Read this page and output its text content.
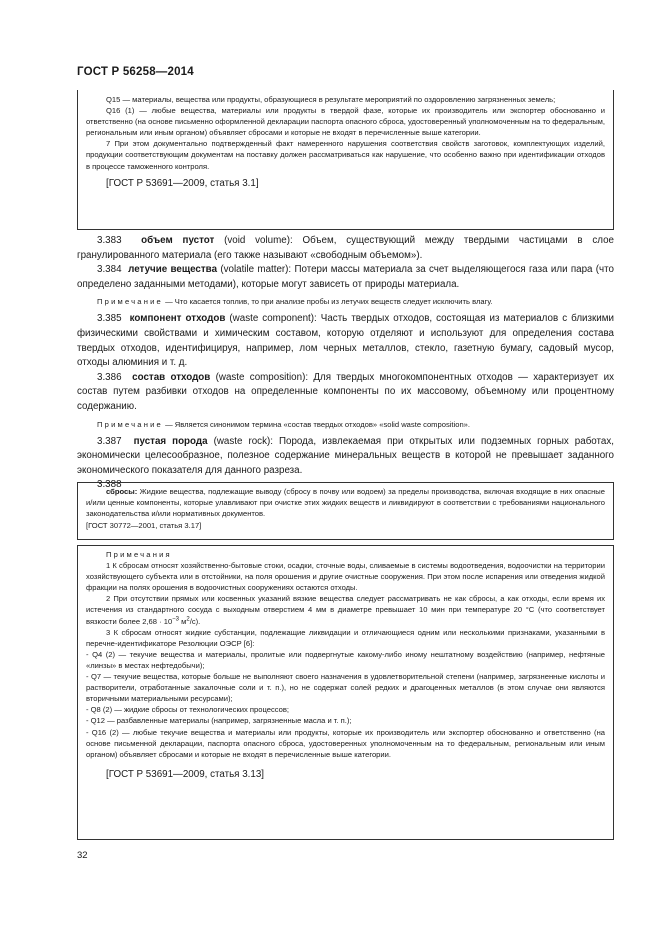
ГОСТ Р 56258—2014

Q15 — материалы, вещества или продукты, образующиеся в результате мероприятий по оздоровлению загрязненных земель;

Q16 (1) — любые вещества, материалы или продукты в твердой фазе, которые их производитель или экспортер обоснованно и ответственно (на основе письменно оформленной декларации паспорта опасного сброса, удостоверенный уполномоченным на то федеральным, региональным или иным органом) объявляет сбросами и которые не входят в перечисленные выше категории.

7 При этом документально подтвержденный факт намеренного нарушения соответствия свойств заготовок, комплектующих изделий, продукции соответствующим документам на поставку должен рассматриваться как нарушение, что особенно важно при идентификации отходов в процессе таможенного контроля.

[ГОСТ Р 53691—2009, статья 3.1]

3.383 объем пустот (void volume): Объем, существующий между твердыми частицами в слое гранулированного материала (его также называют «свободным объемом»).

3.384 летучие вещества (volatile matter): Потери массы материала за счет выделяющегося газа или пара (что определено заданными методами), которые могут зависеть от природы материала.

Примечание — Что касается топлив, то при анализе пробы из летучих веществ следует исключить влагу.

3.385 компонент отходов (waste component): Часть твердых отходов, состоящая из материалов с близкими физическими свойствами и химическим составом, которую отделяют и используют для определения состава твердых отходов, идентифицируя, например, лом черных металлов, стекло, газетную бумагу, садовый мусор, отходы алюминия и т. д.

3.386 состав отходов (waste composition): Для твердых многокомпонентных отходов — характеризует их состав путем разбивки отходов на определенные компоненты по их массовому, объемному или процентному содержанию.

Примечание — Является синонимом термина «состав твердых отходов» «solid waste composition».

3.387 пустая порода (waste rock): Порода, извлекаемая при открытых или подземных горных работах, экономически целесообразное, полезное содержание минеральных веществ в которой не превышает заданного экономического показателя для данного разреза.

3.388

сбросы: Жидкие вещества, подлежащие выводу (сбросу в почву или водоем) за пределы производства, включая входящие в них опасные и/или ценные компоненты, которые улавливают при очистке этих жидких веществ и ликвидируют в соответствии с требованиями национального законодательства и/или нормативных документов.

[ГОСТ 30772—2001, статья 3.17]

Примечания

1 К сбросам относят хозяйственно-бытовые стоки, осадки, сточные воды, сливаемые в системы водоотведения, водоочистки на территории хозяйствующего субъекта или в отстойники, на поля орошения и другие очистные сооружения. При этом после испарения или отведения жидкой фракции на полях орошения в водоочистных сооружениях остаются отходы.

2 При отсутствии прямых или косвенных указаний вязкие вещества следует рассматривать не как сбросы, а как отходы, если время их истечения из стандартного сосуда с выходным отверстием 4 мм в диаметре превышает 10 мин при температуре 20 °С (что соответствует вязкости более $2,68 \cdot 10^{-3}$ $м^2/с$).

3 К сбросам относят жидкие субстанции, подлежащие ликвидации и отличающиеся одним или несколькими признаками, указанными в перечне-идентификаторе Резолюции ОЭСР [6]:

- Q4 (2) — текучие вещества и материалы, пролитые или подвергнутые какому-либо иному нештатному воздействию (например, нефтяные «линзы» в местах нефтедобычи);

- Q7 — текучие вещества, которые больше не выполняют своего назначения в удовлетворительной степени (например, загрязненные кислоты и растворители, отработанные закалочные соли и т. п.), но не содержат солей редких и драгоценных металлов (в этом случае они являются вторичными материальными ресурсами);

- Q8 (2) — жидкие сбросы от технологических процессов;

- Q12 — разбавленные материалы (например, загрязненные масла и т. п.);

- Q16 (2) — любые текучие вещества и материалы или продукты, которые их производитель или экспортер обоснованно и ответственно (на основе письменной декларации, паспорта опасного сброса, удостоверенных уполномоченным на то федеральным, региональным или иным органом) объявляет сбросами и которые не входят в перечисленные выше категории.

[ГОСТ Р 53691—2009, статья 3.13]

32
